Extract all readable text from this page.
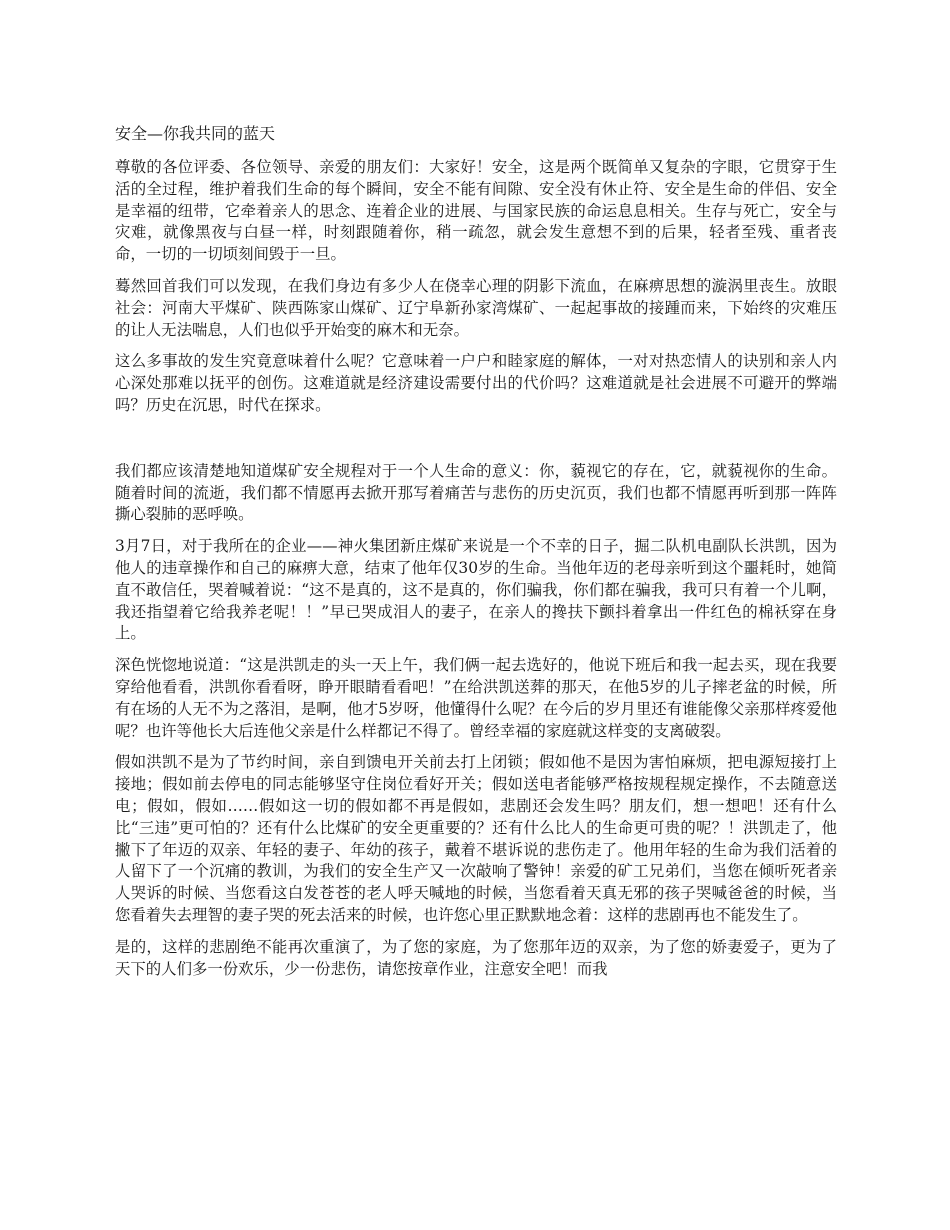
安全—你我共同的蓝天

尊敬的各位评委、各位领导、亲爱的朋友们：大家好！安全，这是两个既简单又复杂的字眼，它贯穿于生活的全过程，维护着我们生命的每个瞬间，安全不能有间隙、安全没有休止符、安全是生命的伴侣、安全是幸福的纽带，它牵着亲人的思念、连着企业的进展、与国家民族的命运息息相关。生存与死亡，安全与灾难，就像黑夜与白昼一样，时刻跟随着你，稍一疏忽，就会发生意想不到的后果，轻者至残、重者丧命，一切的一切顷刻间毁于一旦。

蓦然回首我们可以发现，在我们身边有多少人在侥幸心理的阴影下流血，在麻痹思想的漩涡里丧生。放眼社会：河南大平煤矿、陕西陈家山煤矿、辽宁阜新孙家湾煤矿、一起起事故的接踵而来，下始终的灾难压的让人无法喘息，人们也似乎开始变的麻木和无奈。

这么多事故的发生究竟意味着什么呢？它意味着一户户和睦家庭的解体，一对对热恋情人的诀别和亲人内心深处那难以抚平的创伤。这难道就是经济建设需要付出的代价吗？这难道就是社会进展不可避开的弊端吗？历史在沉思，时代在探求。

我们都应该清楚地知道煤矿安全规程对于一个人生命的意义：你，藐视它的存在，它，就藐视你的生命。随着时间的流逝，我们都不情愿再去掀开那写着痛苦与悲伤的历史沉页，我们也都不情愿再听到那一阵阵撕心裂肺的恶呼唤。

3月7日，对于我所在的企业——神火集团新庄煤矿来说是一个不幸的日子，掘二队机电副队长洪凯，因为他人的违章操作和自己的麻痹大意，结束了他年仅30岁的生命。当他年迈的老母亲听到这个噩耗时，她简直不敢信任，哭着喊着说：“这不是真的，这不是真的，你们骗我，你们都在骗我，我可只有着一个儿啊，我还指望着它给我养老呢！！”早已哭成泪人的妻子，在亲人的搀扶下颤抖着拿出一件红色的棉袄穿在身上。

深色恍惚地说道：“这是洪凯走的头一天上午，我们俩一起去选好的，他说下班后和我一起去买，现在我要穿给他看看，洪凯你看看呀，睁开眼睛看看吧！”在给洪凯送葬的那天，在他5岁的儿子摔老盆的时候，所有在场的人无不为之落泪，是啊，他才5岁呀，他懂得什么呢？在今后的岁月里还有谁能像父亲那样疼爱他呢？也许等他长大后连他父亲是什么样都记不得了。曾经幸福的家庭就这样变的支离破裂。

假如洪凯不是为了节约时间，亲自到馈电开关前去打上闭锁；假如他不是因为害怕麻烦，把电源短接打上接地；假如前去停电的同志能够坚守住岗位看好开关；假如送电者能够严格按规程规定操作，不去随意送电；假如，假如……假如这一切的假如都不再是假如，悲剧还会发生吗？朋友们，想一想吧！还有什么比“三违”更可怕的？还有什么比煤矿的安全更重要的？还有什么比人的生命更可贵的呢？！洪凯走了，他撇下了年迈的双亲、年轻的妻子、年幼的孩子，戴着不堪诉说的悲伤走了。他用年轻的生命为我们活着的人留下了一个沉痛的教训，为我们的安全生产又一次敲响了警钟！亲爱的矿工兄弟们，当您在倾听死者亲人哭诉的时候、当您看这白发苍苍的老人呼天喊地的时候，当您看着天真无邪的孩子哭喊爸爸的时候，当您看着失去理智的妻子哭的死去活来的时候，也许您心里正默默地念着：这样的悲剧再也不能发生了。

是的，这样的悲剧绝不能再次重演了，为了您的家庭，为了您那年迈的双亲，为了您的娇妻爱子，更为了天下的人们多一份欢乐，少一份悲伤，请您按章作业，注意安全吧！而我
